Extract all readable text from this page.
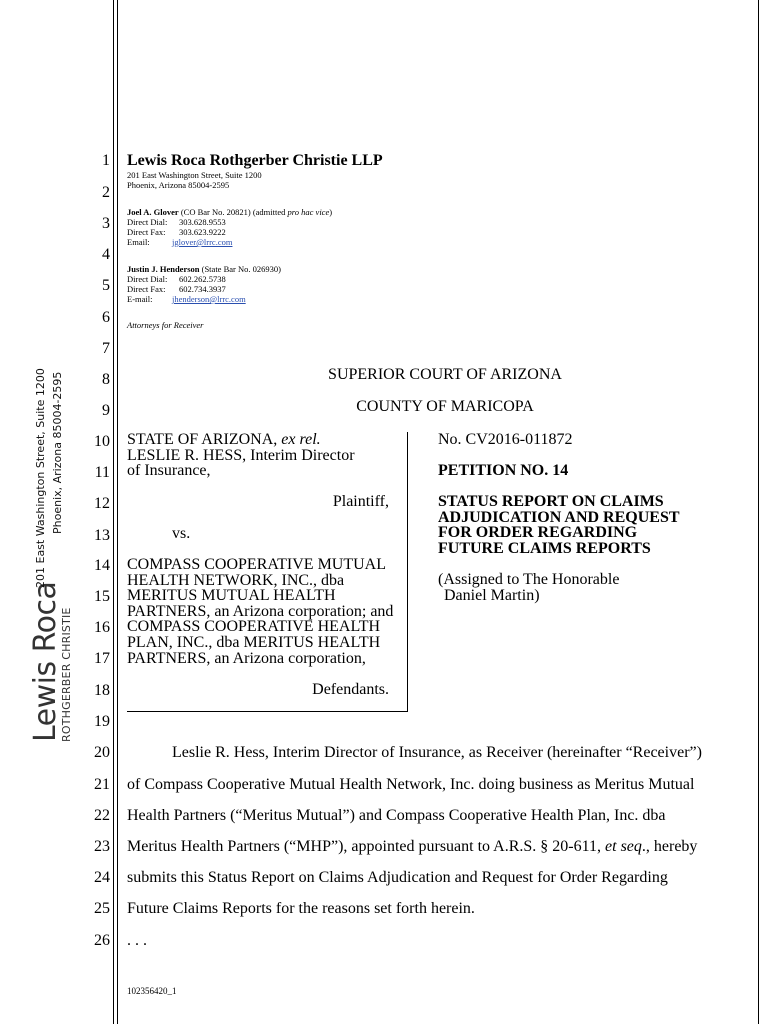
Lewis Roca
ROTHGERBER CHRISTIE
201 East Washington Street, Suite 1200 Phoenix, Arizona 85004-2595
1
2
3
4
5
6
7
8
9
10
11
12
13
14
15
16
17
18
19
20
21
22
23
24
25
26
Lewis Roca Rothgerber Christie LLP
201 East Washington Street, Suite 1200
Phoenix, Arizona 85004-2595
Joel A. Glover (CO Bar No. 20821) (admitted pro hac vice)
Direct Dial: 303.628.9553
Direct Fax: 303.623.9222
Email:	jglover@lrrc.com
Justin J. Henderson (State Bar No. 026930)
Direct Dial: 602.262.5738
Direct Fax: 602.734.3937
E-mail: jhenderson@lrrc.com
Attorneys for Receiver
SUPERIOR COURT OF ARIZONA
COUNTY OF MARICOPA
STATE OF ARIZONA, ex rel.
LESLIE R. HESS, Interim Director
of Insurance,
Plaintiff,
vs.
COMPASS COOPERATIVE MUTUAL
HEALTH NETWORK, INC., dba
MERITUS MUTUAL HEALTH
PARTNERS, an Arizona corporation; and
COMPASS COOPERATIVE HEALTH
PLAN, INC., dba MERITUS HEALTH
PARTNERS, an Arizona corporation,
Defendants.
No. CV2016-011872
PETITION NO. 14
STATUS REPORT ON CLAIMS
ADJUDICATION AND REQUEST
FOR ORDER REGARDING
FUTURE CLAIMS REPORTS
(Assigned to The Honorable
Daniel Martin)
Leslie R. Hess, Interim Director of Insurance, as Receiver (hereinafter “Receiver”)
of Compass Cooperative Mutual Health Network, Inc. doing business as Meritus Mutual
Health Partners (“Meritus Mutual”) and Compass Cooperative Health Plan, Inc. dba
Meritus Health Partners (“MHP”), appointed pursuant to A.R.S. § 20-611, et seq., hereby
submits this Status Report on Claims Adjudication and Request for Order Regarding
Future Claims Reports for the reasons set forth herein.
. . .
102356420_1
